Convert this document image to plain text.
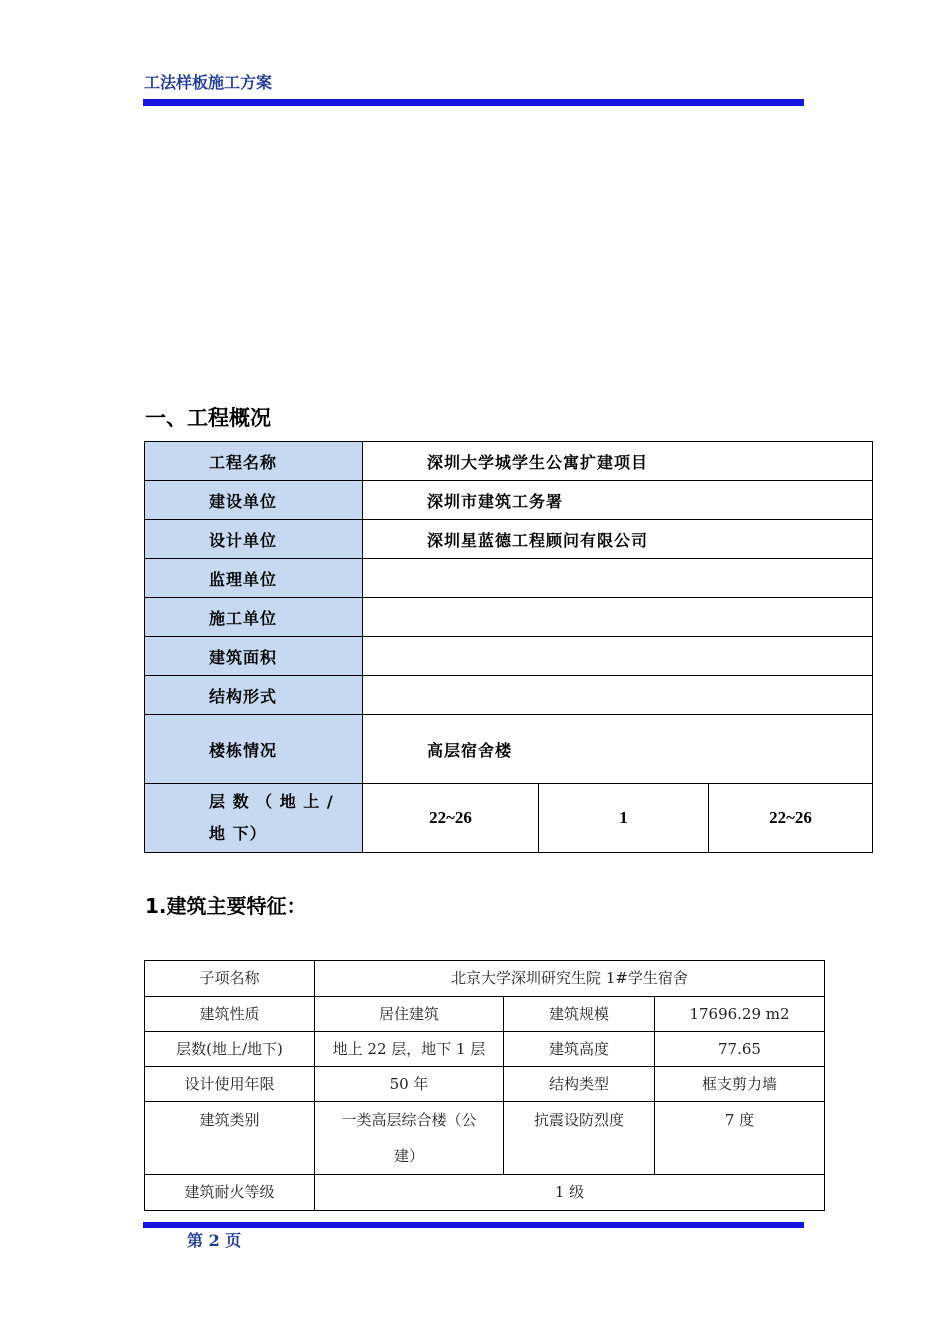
工法样板施工方案
一、工程概况
工程名称	深圳大学城学生公寓扩建项目		
建设单位	深圳市建筑工务署		
设计单位	深圳星蓝德工程顾问有限公司		
监理单位			
施工单位			
建筑面积			
结构形式			
楼栋情况	高层宿舍楼		
层 数 （ 地 上 / 地 下）	22~26	1	22~26
1.建筑主要特征：
子项名称	北京大学深圳研究生院 1#学生宿舍		
建筑性质	居住建筑	建筑规模	17696.29 m2
层数(地上/地下)	地上 22 层，地下 1 层	建筑高度	77.65
设计使用年限	50 年	结构类型	框支剪力墙
建筑类别	一类高层综合楼（公建）	抗震设防烈度	7 度
建筑耐火等级	1 级		
第 2 页
